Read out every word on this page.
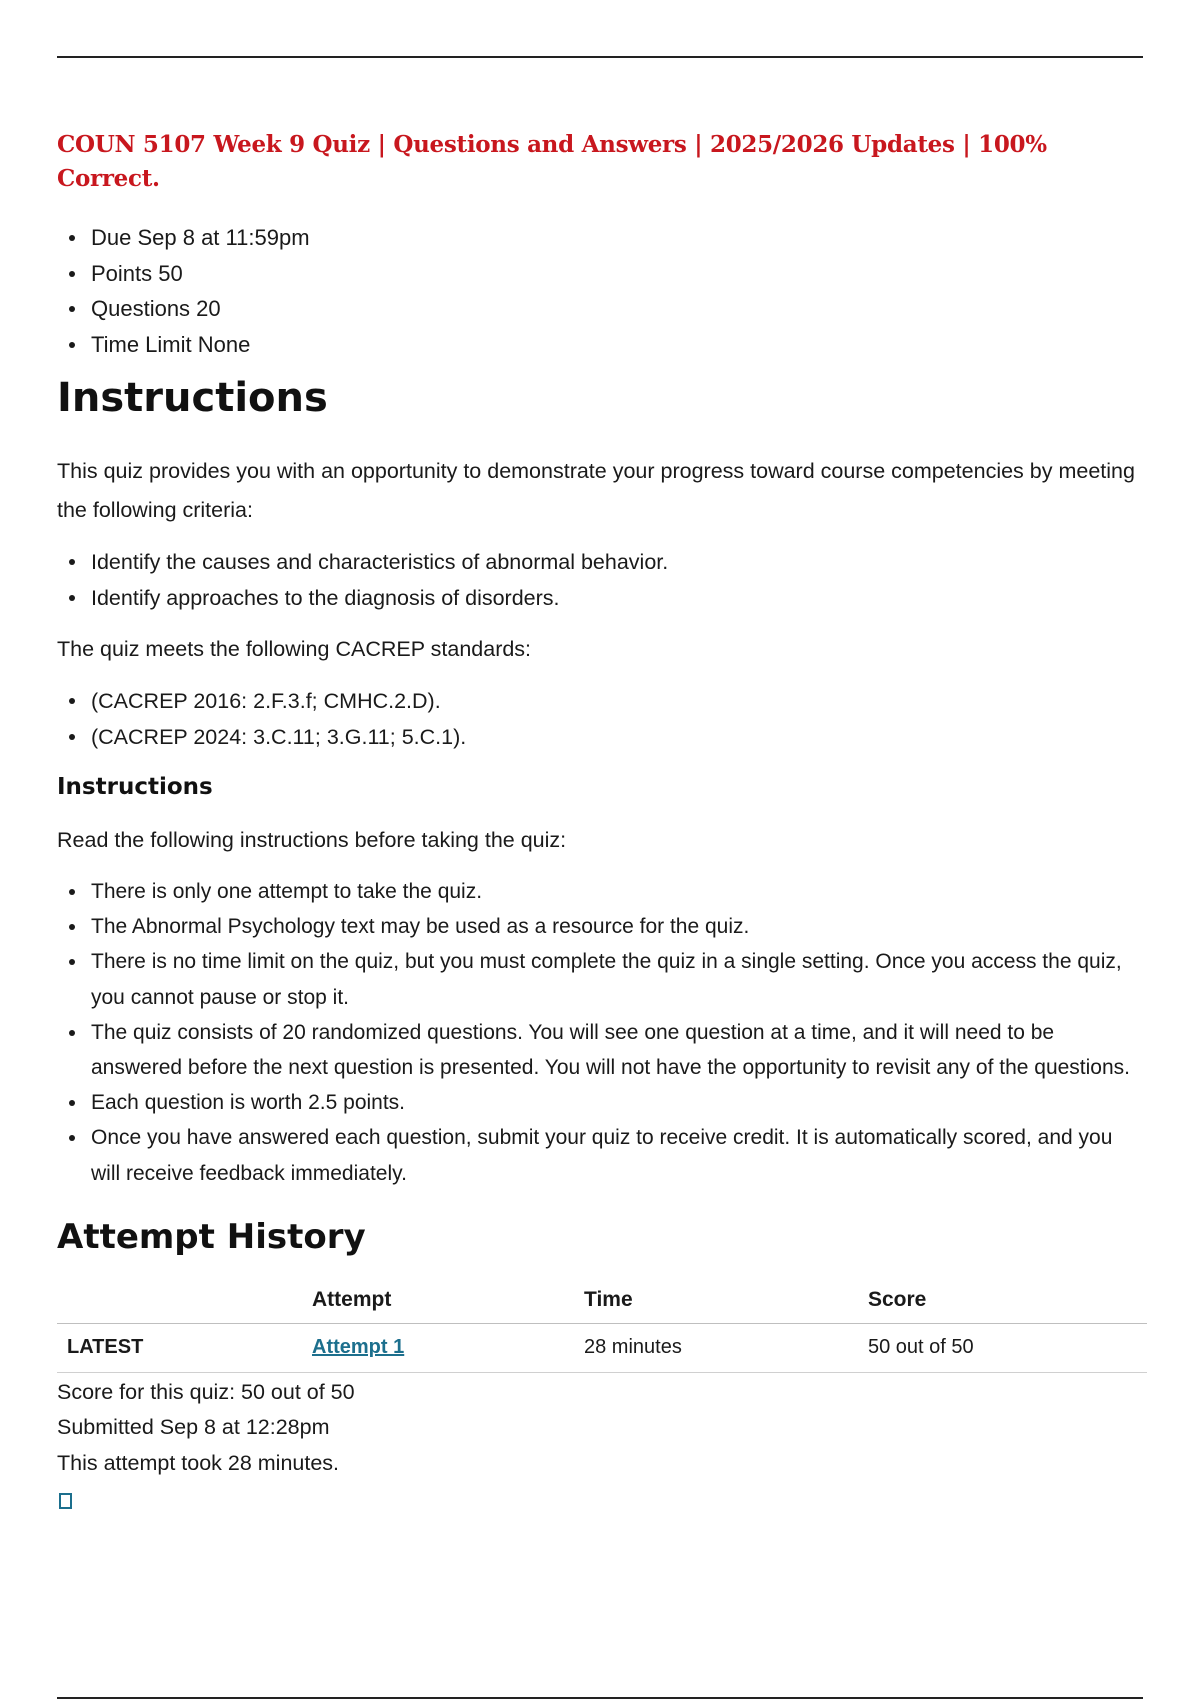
COUN 5107 Week 9 Quiz | Questions and Answers | 2025/2026 Updates | 100% Correct.
Due Sep 8 at 11:59pm
Points 50
Questions 20
Time Limit None
Instructions

This quiz provides you with an opportunity to demonstrate your progress toward course competencies by meeting the following criteria:

Identify the causes and characteristics of abnormal behavior.
Identify approaches to the diagnosis of disorders.

The quiz meets the following CACREP standards:

(CACREP 2016: 2.F.3.f; CMHC.2.D).
(CACREP 2024: 3.C.11; 3.G.11; 5.C.1).
Instructions

Read the following instructions before taking the quiz:

There is only one attempt to take the quiz.
The Abnormal Psychology text may be used as a resource for the quiz.
There is no time limit on the quiz, but you must complete the quiz in a single setting. Once you access the quiz, you cannot pause or stop it.
The quiz consists of 20 randomized questions. You will see one question at a time, and it will need to be answered before the next question is presented. You will not have the opportunity to revisit any of the questions.
Each question is worth 2.5 points.
Once you have answered each question, submit your quiz to receive credit. It is automatically scored, and you will receive feedback immediately.
Attempt History
	Attempt	Time	Score
LATEST	Attempt 1	28 minutes	50 out of 50
Score for this quiz: 50 out of 50
Submitted Sep 8 at 12:28pm
This attempt took 28 minutes.
